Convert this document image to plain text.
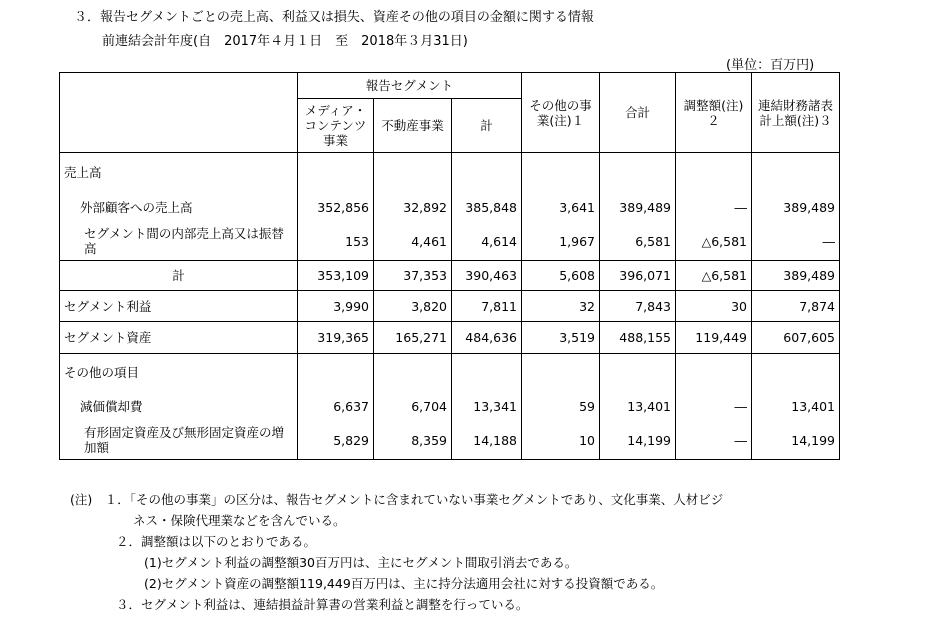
３．報告セグメントごとの売上高、利益又は損失、資産その他の項目の金額に関する情報
前連結会計年度(自　2017年４月１日　至　2018年３月31日)
(単位：百万円)
	報告セグメント			その他の事業(注)１	合計	調整額(注)２	連結財務諸表計上額(注)３
	メディア・コンテンツ事業	不動産事業	計				
売上高							
外部顧客への売上高	352,856	32,892	385,848	3,641	389,489	―	389,489
セグメント間の内部売上高又は振替高	153	4,461	4,614	1,967	6,581	△6,581	―
計	353,109	37,353	390,463	5,608	396,071	△6,581	389,489
セグメント利益	3,990	3,820	7,811	32	7,843	30	7,874
セグメント資産	319,365	165,271	484,636	3,519	488,155	119,449	607,605
その他の項目							
減価償却費	6,637	6,704	13,341	59	13,401	―	13,401
有形固定資産及び無形固定資産の増加額	5,829	8,359	14,188	10	14,199	―	14,199
(注)　１．「その他の事業」の区分は、報告セグメントに含まれていない事業セグメントであり、文化事業、人材ビジ
ネス・保険代理業などを含んでいる。
２．調整額は以下のとおりである。
(1)セグメント利益の調整額30百万円は、主にセグメント間取引消去である。
(2)セグメント資産の調整額119,449百万円は、主に持分法適用会社に対する投資額である。
３．セグメント利益は、連結損益計算書の営業利益と調整を行っている。
